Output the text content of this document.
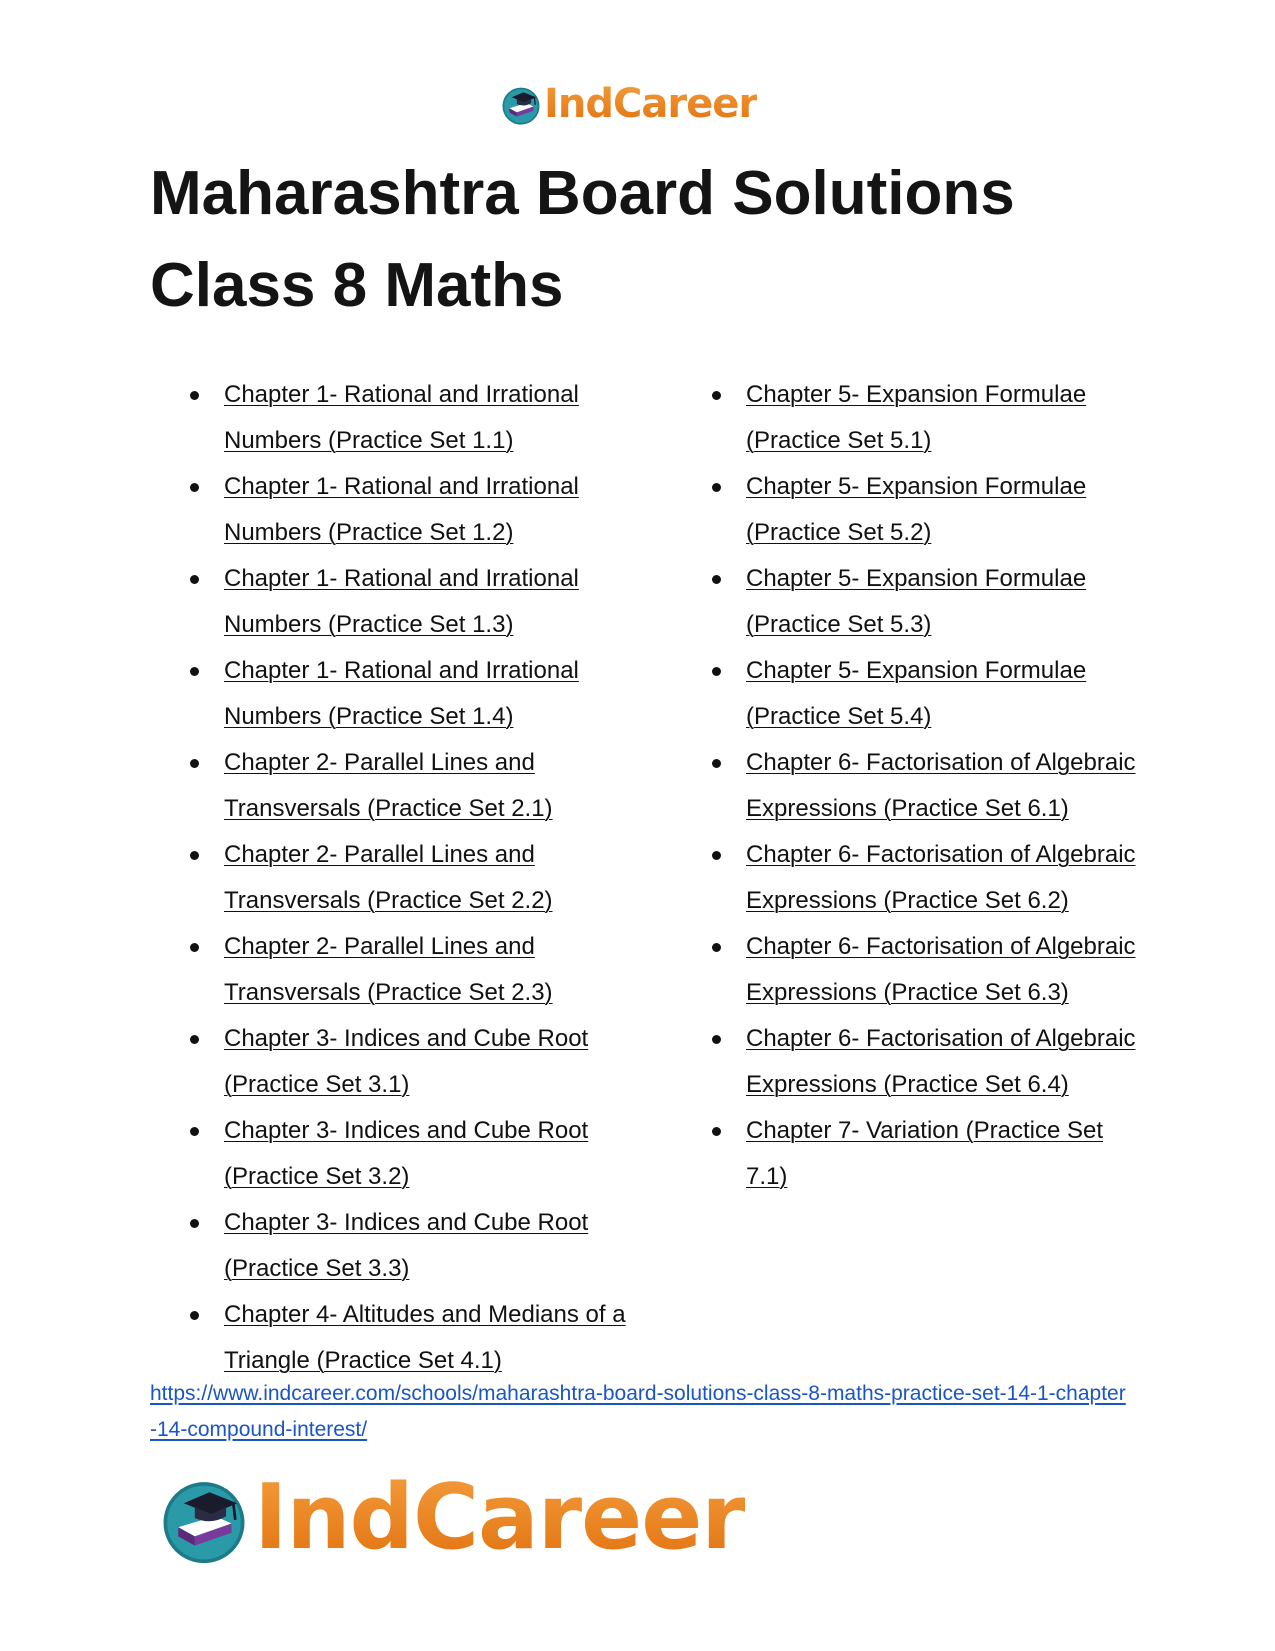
IndCareer
Maharashtra Board Solutions Class 8 Maths
Chapter 1- Rational and Irrational Numbers (Practice Set 1.1)
Chapter 1- Rational and Irrational Numbers (Practice Set 1.2)
Chapter 1- Rational and Irrational Numbers (Practice Set 1.3)
Chapter 1- Rational and Irrational Numbers (Practice Set 1.4)
Chapter 2- Parallel Lines and Transversals (Practice Set 2.1)
Chapter 2- Parallel Lines and Transversals (Practice Set 2.2)
Chapter 2- Parallel Lines and Transversals (Practice Set 2.3)
Chapter 3- Indices and Cube Root (Practice Set 3.1)
Chapter 3- Indices and Cube Root (Practice Set 3.2)
Chapter 3- Indices and Cube Root (Practice Set 3.3)
Chapter 4- Altitudes and Medians of a Triangle (Practice Set 4.1)
Chapter 5- Expansion Formulae (Practice Set 5.1)
Chapter 5- Expansion Formulae (Practice Set 5.2)
Chapter 5- Expansion Formulae (Practice Set 5.3)
Chapter 5- Expansion Formulae (Practice Set 5.4)
Chapter 6- Factorisation of Algebraic Expressions (Practice Set 6.1)
Chapter 6- Factorisation of Algebraic Expressions (Practice Set 6.2)
Chapter 6- Factorisation of Algebraic Expressions (Practice Set 6.3)
Chapter 6- Factorisation of Algebraic Expressions (Practice Set 6.4)
Chapter 7- Variation (Practice Set 7.1)
https://www.indcareer.com/schools/maharashtra-board-solutions-class-8-maths-practice-set-14-1-chapter-14-compound-interest/
IndCareer
